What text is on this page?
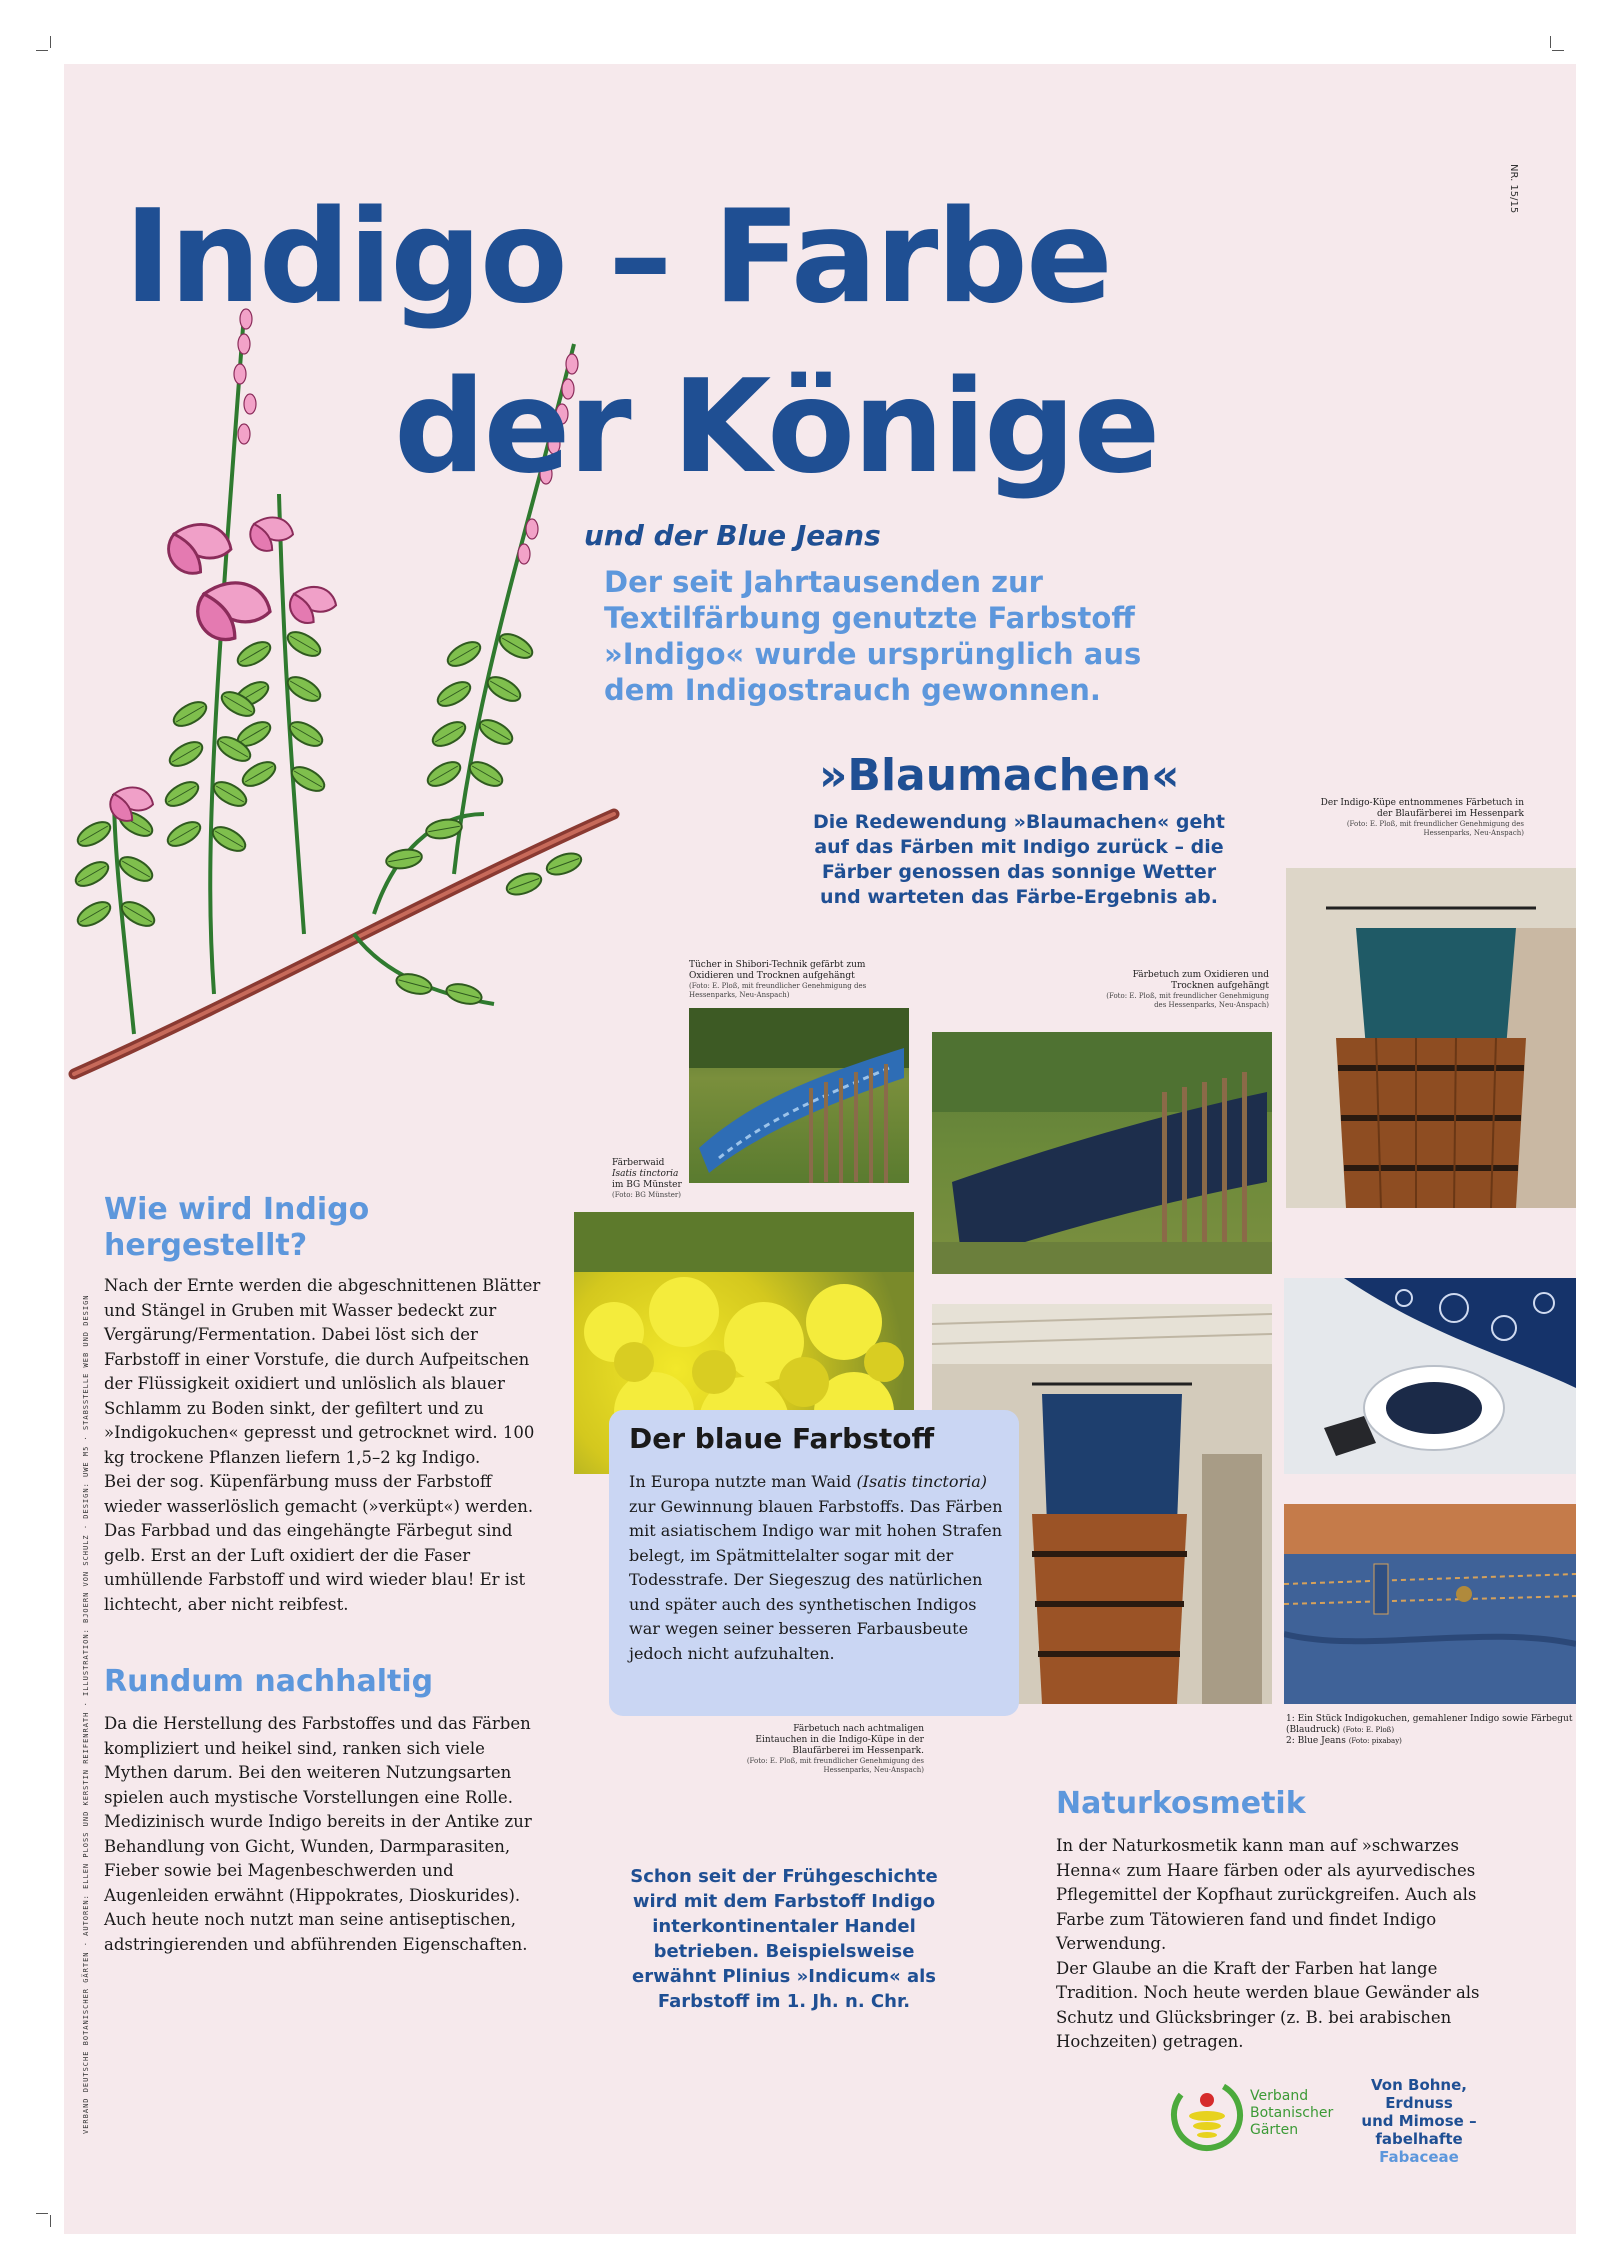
NR. 15/15
Indigo – Farbe
der Könige
und der Blue Jeans
Der seit Jahrtausenden zur Textilfärbung genutzte Farbstoff »Indigo« wurde ursprünglich aus dem Indigostrauch gewonnen.
»Blaumachen«
Die Redewendung »Blaumachen« geht auf das Färben mit Indigo zurück – die Färber genossen das sonnige Wetter und warteten das Färbe-Ergebnis ab.
Der Indigo-Küpe entnommenes Färbetuch in der Blaufärberei im Hessenpark
(Foto: E. Ploß, mit freundlicher Genehmigung des Hessenparks, Neu-Anspach)
Tücher in Shibori-Technik gefärbt zum Oxidieren und Trocknen aufgehängt
(Foto: E. Ploß, mit freundlicher Genehmigung des Hessenparks, Neu-Anspach)
Färbetuch zum Oxidieren und Trocknen aufgehängt
(Foto: E. Ploß, mit freundlicher Genehmigung des Hessenparks, Neu-Anspach)
Färberwaid
Isatis tinctoria
im BG Münster
(Foto: BG Münster)
1: Ein Stück Indigokuchen, gemahlener Indigo sowie Färbegut (Blaudruck) (Foto: E. Ploß)
2: Blue Jeans (Foto: pixabay)
Färbetuch nach achtmaligen Eintauchen in die Indigo-Küpe in der Blaufärberei im Hessenpark.
(Foto: E. Ploß, mit freundlicher Genehmigung des Hessenparks, Neu-Anspach)
Wie wird Indigo hergestellt?
Nach der Ernte werden die abgeschnittenen Blätter und Stängel in Gruben mit Wasser bedeckt zur Vergärung/Fermentation. Dabei löst sich der Farbstoff in einer Vorstufe, die durch Aufpeitschen der Flüssigkeit oxidiert und unlöslich als blauer Schlamm zu Boden sinkt, der gefiltert und zu »Indigokuchen« gepresst und getrocknet wird. 100 kg trockene Pflanzen liefern 1,5–2 kg Indigo.
Bei der sog. Küpenfärbung muss der Farbstoff wieder wasserlöslich gemacht (»verküpt«) werden. Das Farbbad und das eingehängte Färbegut sind gelb. Erst an der Luft oxidiert der die Faser umhüllende Farbstoff und wird wieder blau! Er ist lichtecht, aber nicht reibfest.
Rundum nachhaltig
Da die Herstellung des Farbstoffes und das Färben kompliziert und heikel sind, ranken sich viele Mythen darum. Bei den weiteren Nutzungsarten spielen auch mystische Vorstellungen eine Rolle.
Medizinisch wurde Indigo bereits in der Antike zur Behandlung von Gicht, Wunden, Darmparasiten, Fieber sowie bei Magenbeschwerden und Augenleiden erwähnt (Hippokrates, Dioskurides). Auch heute noch nutzt man seine antiseptischen, adstringierenden und abführenden Eigenschaften.
Der blaue Farbstoff
In Europa nutzte man Waid (Isatis tinctoria) zur Gewinnung blauen Farbstoffs. Das Färben mit asiatischem Indigo war mit hohen Strafen belegt, im Spätmittelalter sogar mit der Todesstrafe. Der Siegeszug des natürlichen und später auch des synthetischen Indigos war wegen seiner besseren Farbausbeute jedoch nicht aufzuhalten.
Schon seit der Frühgeschichte wird mit dem Farbstoff Indigo interkontinentaler Handel betrieben. Beispielsweise erwähnt Plinius »Indicum« als Farbstoff im 1. Jh. n. Chr.
Naturkosmetik
In der Naturkosmetik kann man auf »schwarzes Henna« zum Haare färben oder als ayurvedisches Pflegemittel der Kopfhaut zurückgreifen. Auch als Farbe zum Tätowieren fand und findet Indigo Verwendung.
Der Glaube an die Kraft der Farben hat lange Tradition. Noch heute werden blaue Gewänder als Schutz und Glücksbringer (z. B. bei arabischen Hochzeiten) getragen.
Verband
Botanischer
Gärten
Von Bohne,
Erdnuss
und Mimose –
fabelhafte
Fabaceae
VERBAND DEUTSCHE BOTANISCHER GÄRTEN · AUTOREN: ELLEN PLOSS UND KERSTIN REIFENRATH · ILLUSTRATION: BJOERN VON SCHULZ · DESIGN: UWE M5 · STABSSTELLE WEB UND DESIGN
